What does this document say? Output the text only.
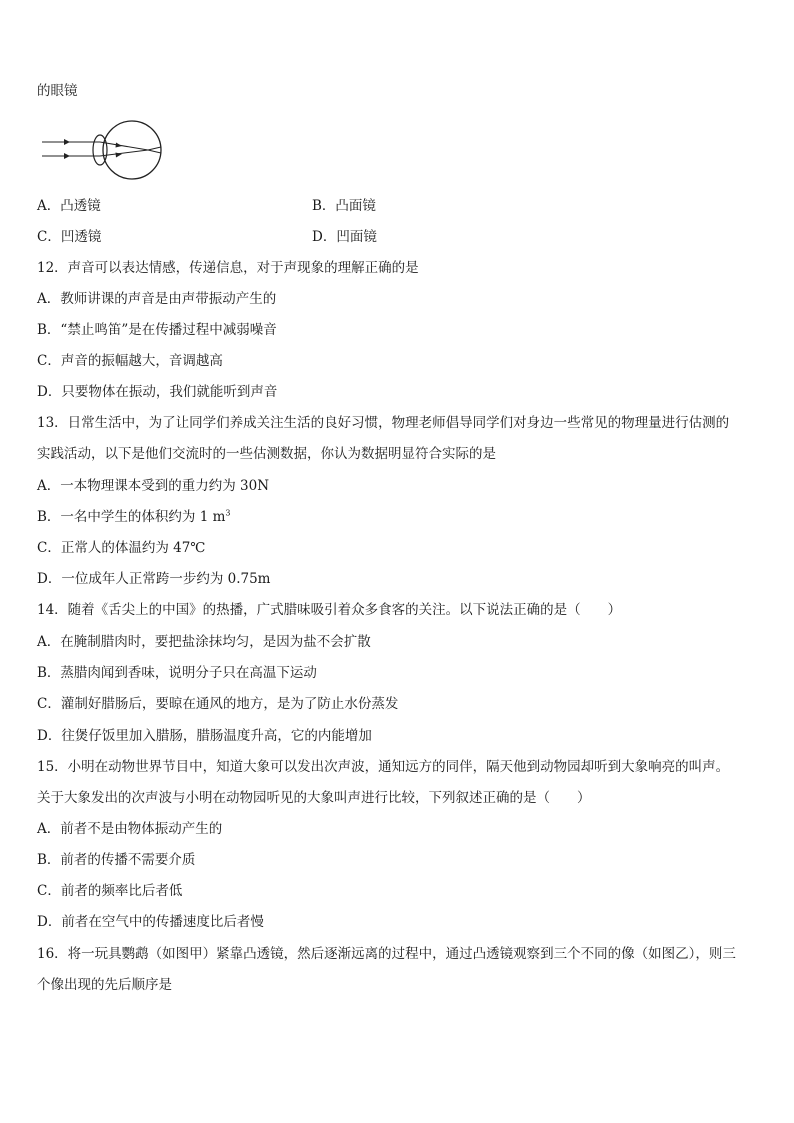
的眼镜
A．凸透镜	B．凸面镜
C．凹透镜	D．凹面镜
12．声音可以表达情感，传递信息，对于声现象的理解正确的是
A．教师讲课的声音是由声带振动产生的
B．“禁止鸣笛”是在传播过程中减弱噪音
C．声音的振幅越大，音调越高
D．只要物体在振动，我们就能听到声音
13．日常生活中，为了让同学们养成关注生活的良好习惯，物理老师倡导同学们对身边一些常见的物理量进行估测的
实践活动，以下是他们交流时的一些估测数据，你认为数据明显符合实际的是
A．一本物理课本受到的重力约为 30N
B．一名中学生的体积约为 1 $m^3$
C．正常人的体温约为 47℃
D．一位成年人正常跨一步约为 0.75m
14．随着《舌尖上的中国》的热播，广式腊味吸引着众多食客的关注。以下说法正确的是（　　）
A．在腌制腊肉时，要把盐涂抹均匀，是因为盐不会扩散
B．蒸腊肉闻到香味，说明分子只在高温下运动
C．灌制好腊肠后，要晾在通风的地方，是为了防止水份蒸发
D．往煲仔饭里加入腊肠，腊肠温度升高，它的内能增加
15．小明在动物世界节目中，知道大象可以发出次声波，通知远方的同伴，隔天他到动物园却听到大象响亮的叫声。
关于大象发出的次声波与小明在动物园听见的大象叫声进行比较，下列叙述正确的是（　　）
A．前者不是由物体振动产生的
B．前者的传播不需要介质
C．前者的频率比后者低
D．前者在空气中的传播速度比后者慢
16．将一玩具鹦鹉（如图甲）紧靠凸透镜，然后逐渐远离的过程中，通过凸透镜观察到三个不同的像（如图乙），则三
个像出现的先后顺序是
